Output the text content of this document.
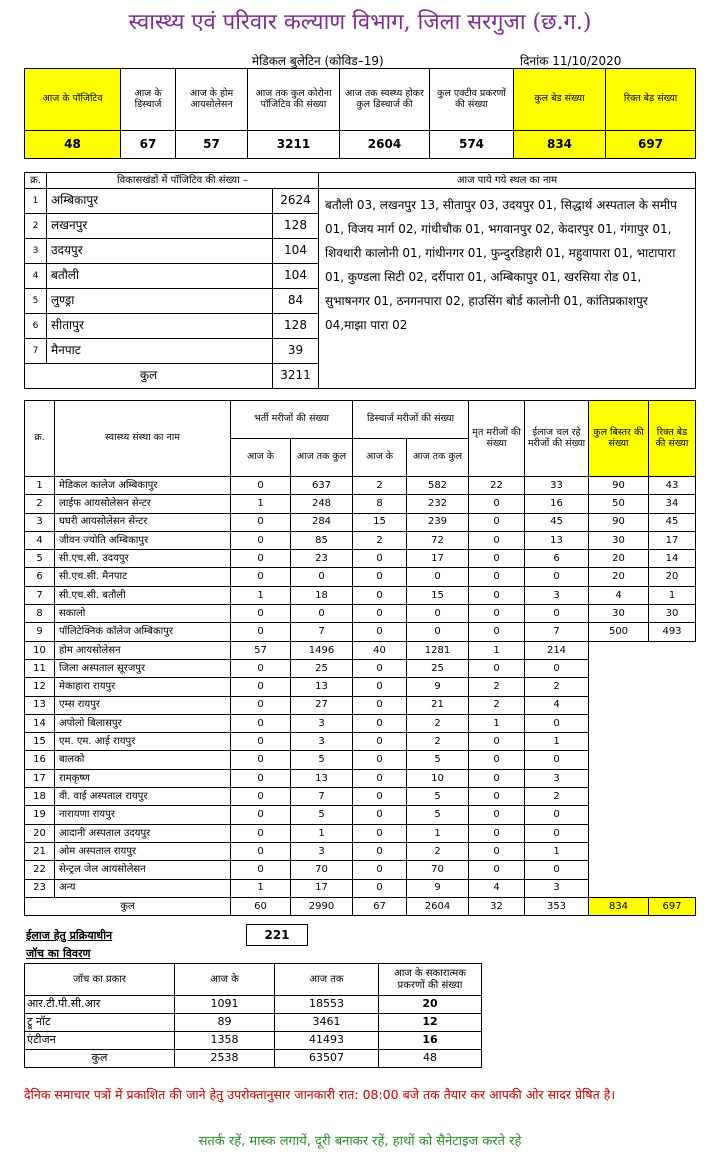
स्वास्थ्य एवं परिवार कल्याण विभाग, जिला सरगुजा (छ.ग.)
मेडिकल बुलेटिन (कोविड–19)	दिनांक 11/10/2020
आज के पॉजिटिव	आज के डिस्चार्ज	आज के होम आयसोलेसन	आज तक कुल कोरोना पॉजिटिव की संख्या	आज तक स्वस्थ्य होकर कुल डिस्चार्ज की	कुल एक्टीव प्रकरणों की संख्या	कुल बेड संख्या	रिक्त बेड संख्या
48	67	57	3211	2604	574	834	697
क्र.	विकासखंडों में पॉजिटिव की संख्या –		आज पाये गये स्थल का नाम
1	अम्बिकापुर	2624	बतौली 03, लखनपुर 13, सीतापुर 03, उदयपुर 01, सिद्धार्थ अस्पताल के समीप 01, विजय मार्ग 02, गांधीचौक 01, भगवानपुर 02, केदारपुर 01, गंगापुर 01, शिवधारी कालोनी 01, गांधीनगर 01, फुन्दुरडिहारी 01, महुवापारा 01, भाटापारा 01, कुण्डला सिटी 02, दर्रीपारा 01, अम्बिकापुर 01, खरसिया रोड 01, सुभाषनगर 01, ठनगनपारा 02, हाउसिंग बोर्ड कालोनी 01, कांतिप्रकाशपुर 04,माझा पारा 02
2	लखनपुर	128	
3	उदयपुर	104	
4	बतौली	104	
5	लुण्ड्रा	84	
6	सीतापुर	128	
7	मैनपाट	39	
कुल		3211	
क्र.	स्वास्थ्य संस्था का नाम	भर्ती मरीजों की संख्या		डिस्चार्ज मरीजों की संख्या		मृत मरीजों की संख्या	ईलाज चल रहे मरीजों की संख्या	कुल बिस्तर की संख्या	रिक्त बेड की संख्या
		आज के	आज तक कुल	आज के	आज तक कुल				
1	मेडिकल कालेज अम्बिकापुर	0	637	2	582	22	33	90	43
2	लाईफ आयसोलेसन सेन्टर	1	248	8	232	0	16	50	34
3	घघरी आयसोलेसन सेन्टर	0	284	15	239	0	45	90	45
4	जीवन ज्योति अम्बिकापुर	0	85	2	72	0	13	30	17
5	सी.एच.सी. उदयपुर	0	23	0	17	0	6	20	14
6	सी.एच.सी. मैनपाट	0	0	0	0	0	0	20	20
7	सी.एच.सी. बतौली	1	18	0	15	0	3	4	1
8	सकालो	0	0	0	0	0	0	30	30
9	पॉलिटेक्निक कॉलेज अम्बिकापुर	0	7	0	0	0	7	500	493
10	होम आयसोलेसन	57	1496	40	1281	1	214		
11	जिला अस्पताल सूरजपुर	0	25	0	25	0	0		
12	मेकाहारा रायपुर	0	13	0	9	2	2		
13	एम्स रायपुर	0	27	0	21	2	4		
14	अपोलो बिलासपुर	0	3	0	2	1	0		
15	एम. एम. आई रायपुर	0	3	0	2	0	1		
16	बालको	0	5	0	5	0	0		
17	रामकृष्ण	0	13	0	10	0	3		
18	वी. वाई अस्पताल रायपुर	0	7	0	5	0	2		
19	नारायणा रायपुर	0	5	0	5	0	0		
20	आदानी अस्पताल उदयपुर	0	1	0	1	0	0		
21	ओम अस्पताल रायपुर	0	3	0	2	0	1		
22	सेन्ट्रल जेल आयसोलेसन	0	70	0	70	0	0		
23	अन्य	1	17	0	9	4	3		
कुल		60	2990	67	2604	32	353	834	697
ईलाज हेतु प्रक्रियाधीन	221
जॉच का विवरण
जॉच का प्रकार	आज के	आज तक	आज के सकारात्मक प्रकरणों की संख्या
आर.टी.पी.सी.आर	1091	18553	20
ट्रू नॉट	89	3461	12
एंटीजन	1358	41493	16
कुल	2538	63507	48
दैनिक समाचार पत्रों में प्रकाशित की जाने हेतु उपरोक्तानुसार जानकारी रात: 08:00 बजे तक तैयार कर आपकी ओर सादर प्रेषित है।
सतर्क रहें, मास्क लगायें, दूरी बनाकर रहें, हाथों को सैनेटाइज करते रहे
